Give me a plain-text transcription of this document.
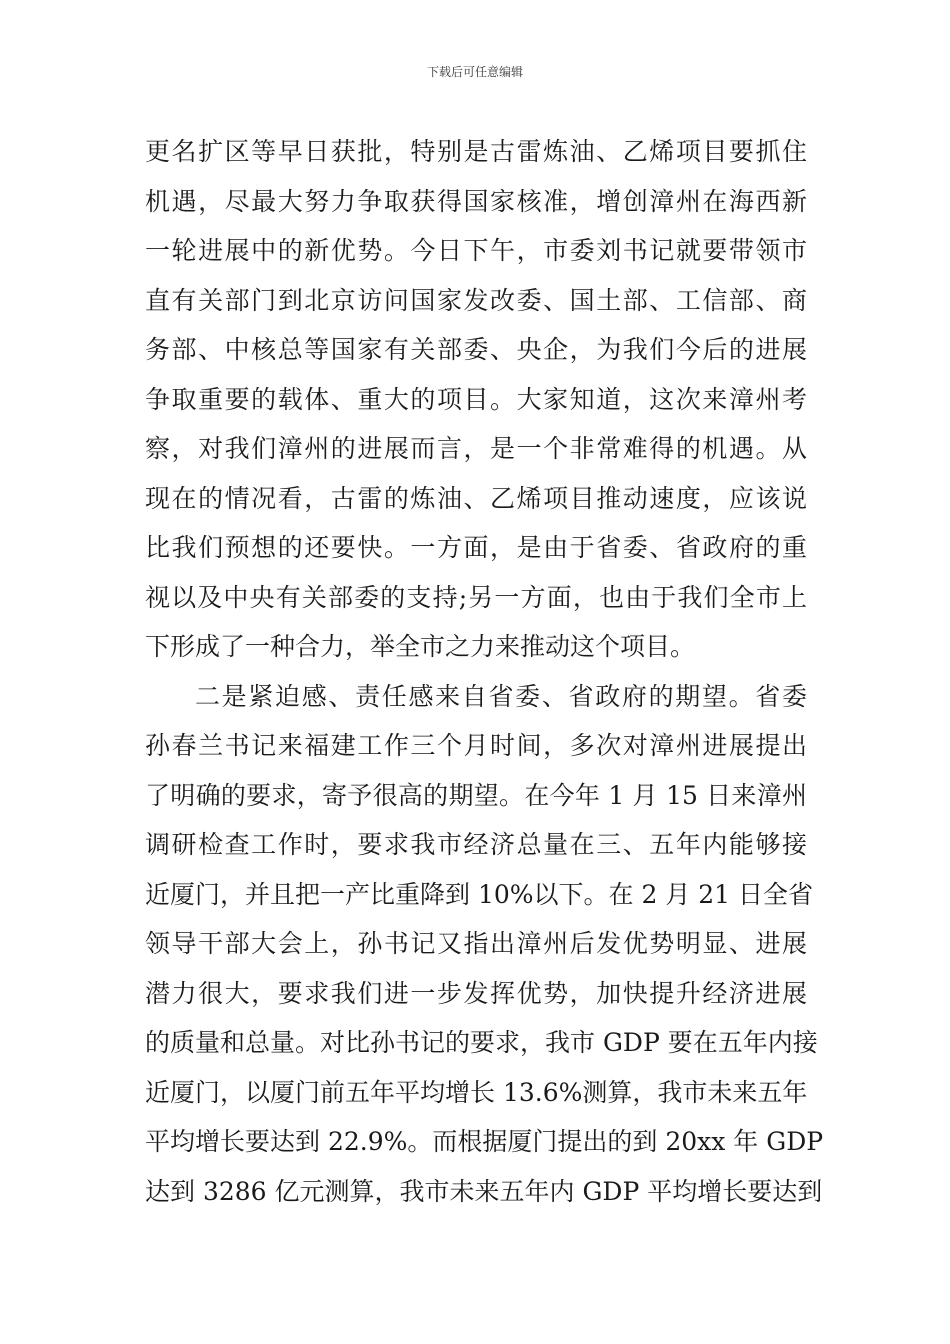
下载后可任意编辑
更名扩区等早日获批，特别是古雷炼油、乙烯项目要抓住
机遇，尽最大努力争取获得国家核准，增创漳州在海西新
一轮进展中的新优势。今日下午，市委刘书记就要带领市
直有关部门到北京访问国家发改委、国土部、工信部、商
务部、中核总等国家有关部委、央企，为我们今后的进展
争取重要的载体、重大的项目。大家知道，这次来漳州考
察，对我们漳州的进展而言，是一个非常难得的机遇。从
现在的情况看，古雷的炼油、乙烯项目推动速度，应该说
比我们预想的还要快。一方面，是由于省委、省政府的重
视以及中央有关部委的支持;另一方面，也由于我们全市上
下形成了一种合力，举全市之力来推动这个项目。
二是紧迫感、责任感来自省委、省政府的期望。省委
孙春兰书记来福建工作三个月时间，多次对漳州进展提出
了明确的要求，寄予很高的期望。在今年 1 月 15 日来漳州
调研检查工作时，要求我市经济总量在三、五年内能够接
近厦门，并且把一产比重降到 10%以下。在 2 月 21 日全省
领导干部大会上，孙书记又指出漳州后发优势明显、进展
潜力很大，要求我们进一步发挥优势，加快提升经济进展
的质量和总量。对比孙书记的要求，我市 GDP 要在五年内接
近厦门，以厦门前五年平均增长 13.6%测算，我市未来五年
平均增长要达到 22.9%。而根据厦门提出的到 20xx 年 GDP
达到 3286 亿元测算，我市未来五年内 GDP 平均增长要达到
